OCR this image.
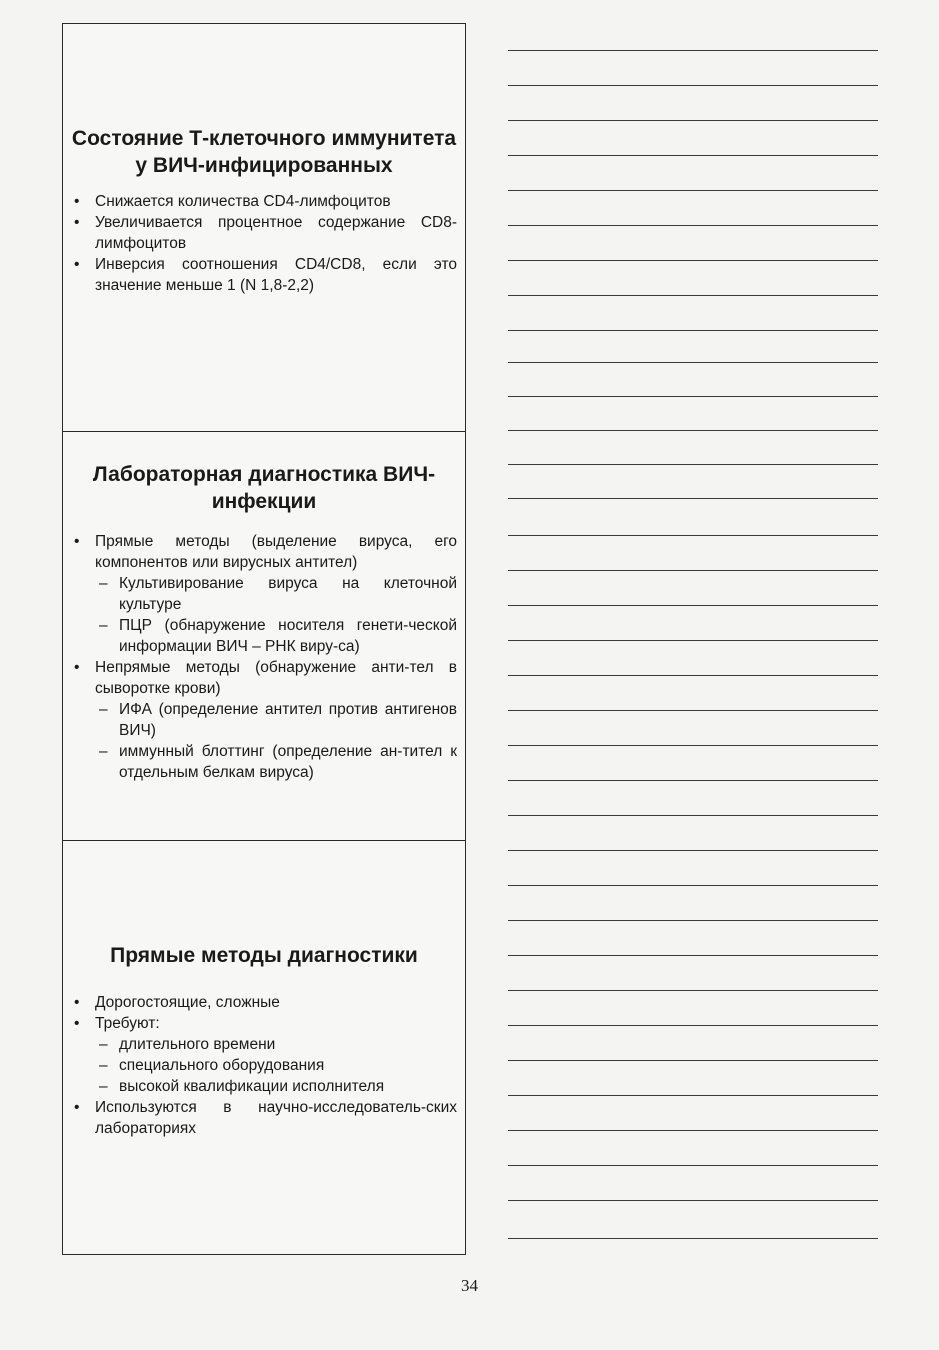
Состояние Т-клеточного иммунитета у ВИЧ-инфицированных
• Снижается количества CD4-лимфоцитов
• Увеличивается процентное содержание CD8-лимфоцитов
• Инверсия соотношения CD4/CD8, если это значение меньше 1 (N 1,8-2,2)
Лабораторная диагностика ВИЧ-инфекции
• Прямые методы (выделение вируса, его компонентов или вирусных антител)
– Культивирование вируса на клеточной культуре
– ПЦР (обнаружение носителя генети-ческой информации ВИЧ – РНК виру-са)
• Непрямые методы (обнаружение анти-тел в сыворотке крови)
– ИФА (определение антител против антигенов ВИЧ)
– иммунный блоттинг (определение ан-тител к отдельным белкам вируса)
Прямые методы диагностики
• Дорогостоящие, сложные
• Требуют:
– длительного времени
– специального оборудования
– высокой квалификации исполнителя
• Используются в научно-исследователь-ских лабораториях
34
